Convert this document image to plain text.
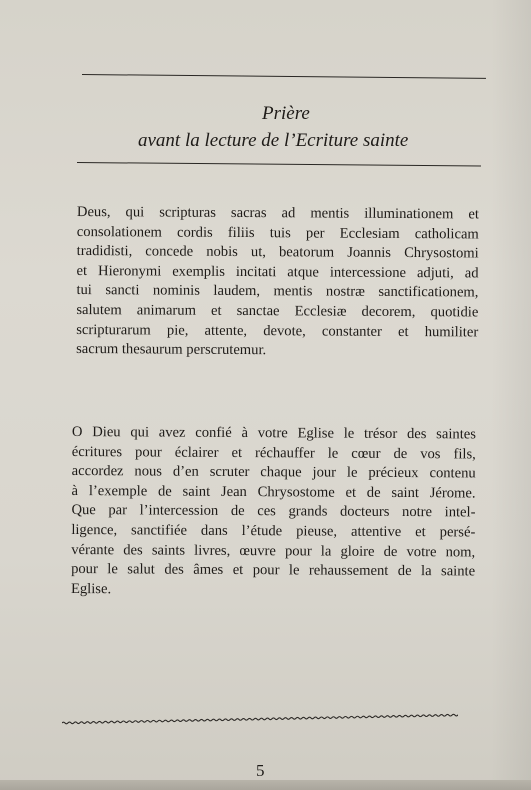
Prière
avant la lecture de l’Ecriture sainte
Deus, qui scripturas sacras ad mentis illuminationem et
consolationem cordis filiis tuis per Ecclesiam catholicam
tradidisti, concede nobis ut, beatorum Joannis Chrysostomi
et Hieronymi exemplis incitati atque intercessione adjuti, ad
tui sancti nominis laudem, mentis nostræ sanctificationem,
salutem animarum et sanctae Ecclesiæ decorem, quotidie
scripturarum pie, attente, devote, constanter et humiliter
sacrum thesaurum perscrutemur.
O Dieu qui avez confié à votre Eglise le trésor des saintes
écritures pour éclairer et réchauffer le cœur de vos fils,
accordez nous d’en scruter chaque jour le précieux contenu
à l’exemple de saint Jean Chrysostome et de saint Jérome.
Que par l’intercession de ces grands docteurs notre intel-
ligence, sanctifiée dans l’étude pieuse, attentive et persé-
vérante des saints livres, œuvre pour la gloire de votre nom,
pour le salut des âmes et pour le rehaussement de la sainte
Eglise.
5
